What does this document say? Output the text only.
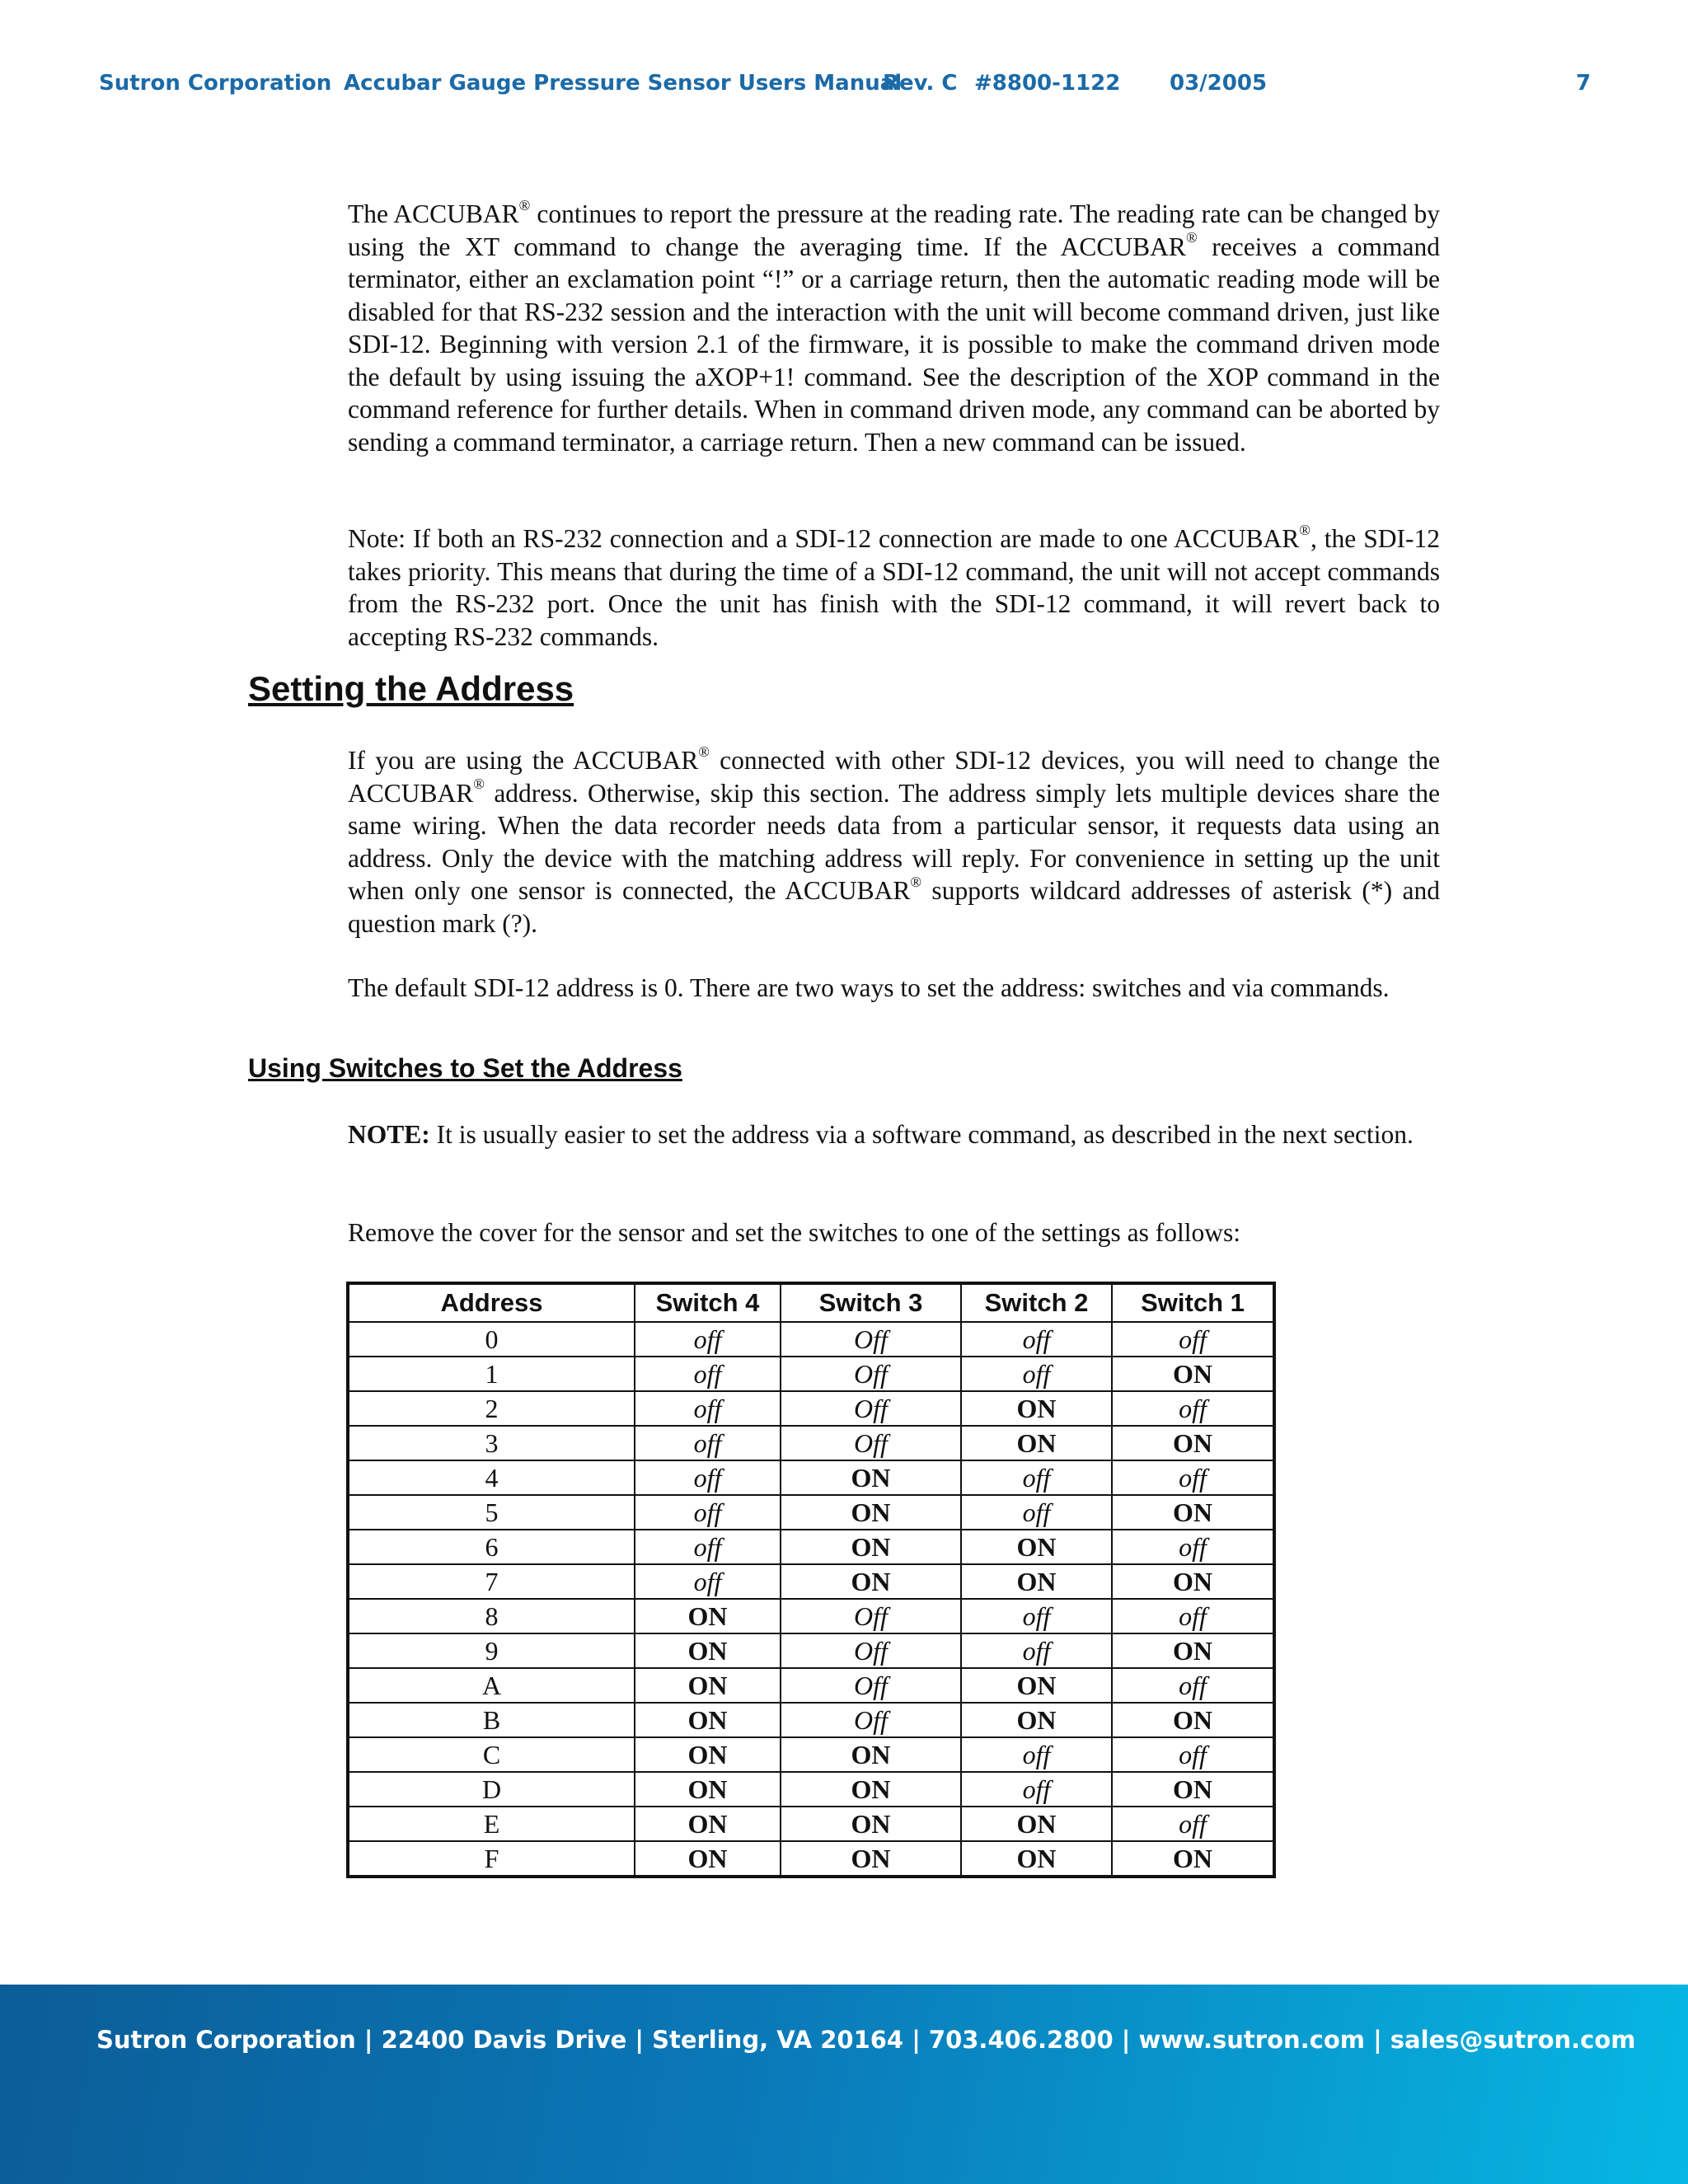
Sutron Corporation Accubar Gauge Pressure Sensor Users Manual
Rev. C #8800-1122 03/2005	7

The ACCUBAR® continues to report the pressure at the reading rate. The reading rate can be changed by using the XT command to change the averaging time. If the ACCUBAR® receives a command terminator, either an exclamation point “!” or a carriage return, then the automatic reading mode will be disabled for that RS-232 session and the interaction with the unit will become command driven, just like SDI-12. Beginning with version 2.1 of the firmware, it is possible to make the command driven mode the default by using issuing the aXOP+1! command. See the description of the XOP command in the command reference for further details. When in command driven mode, any command can be aborted by sending a command terminator, a carriage return. Then a new command can be issued.

Note: If both an RS-232 connection and a SDI-12 connection are made to one ACCUBAR®, the SDI-12 takes priority. This means that during the time of a SDI-12 command, the unit will not accept commands from the RS-232 port. Once the unit has finish with the SDI-12 command, it will revert back to accepting RS-232 commands.

Setting the Address

If you are using the ACCUBAR® connected with other SDI-12 devices, you will need to change the ACCUBAR® address. Otherwise, skip this section. The address simply lets multiple devices share the same wiring. When the data recorder needs data from a particular sensor, it requests data using an address. Only the device with the matching address will reply. For convenience in setting up the unit when only one sensor is connected, the ACCUBAR® supports wildcard addresses of asterisk (*) and question mark (?).

The default SDI-12 address is 0. There are two ways to set the address: switches and via commands.

Using Switches to Set the Address

NOTE: It is usually easier to set the address via a software command, as described in the next section.

Remove the cover for the sensor and set the switches to one of the settings as follows:

Address	Switch 4	Switch 3	Switch 2	Switch 1
0	off	Off	off	off
1	off	Off	off	ON
2	off	Off	ON	off
3	off	Off	ON	ON
4	off	ON	off	off
5	off	ON	off	ON
6	off	ON	ON	off
7	off	ON	ON	ON
8	ON	Off	off	off
9	ON	Off	off	ON
A	ON	Off	ON	off
B	ON	Off	ON	ON
C	ON	ON	off	off
D	ON	ON	off	ON
E	ON	ON	ON	off
F	ON	ON	ON	ON
Sutron Corporation | 22400 Davis Drive | Sterling, VA 20164 | 703.406.2800 | www.sutron.com | sales@sutron.com
